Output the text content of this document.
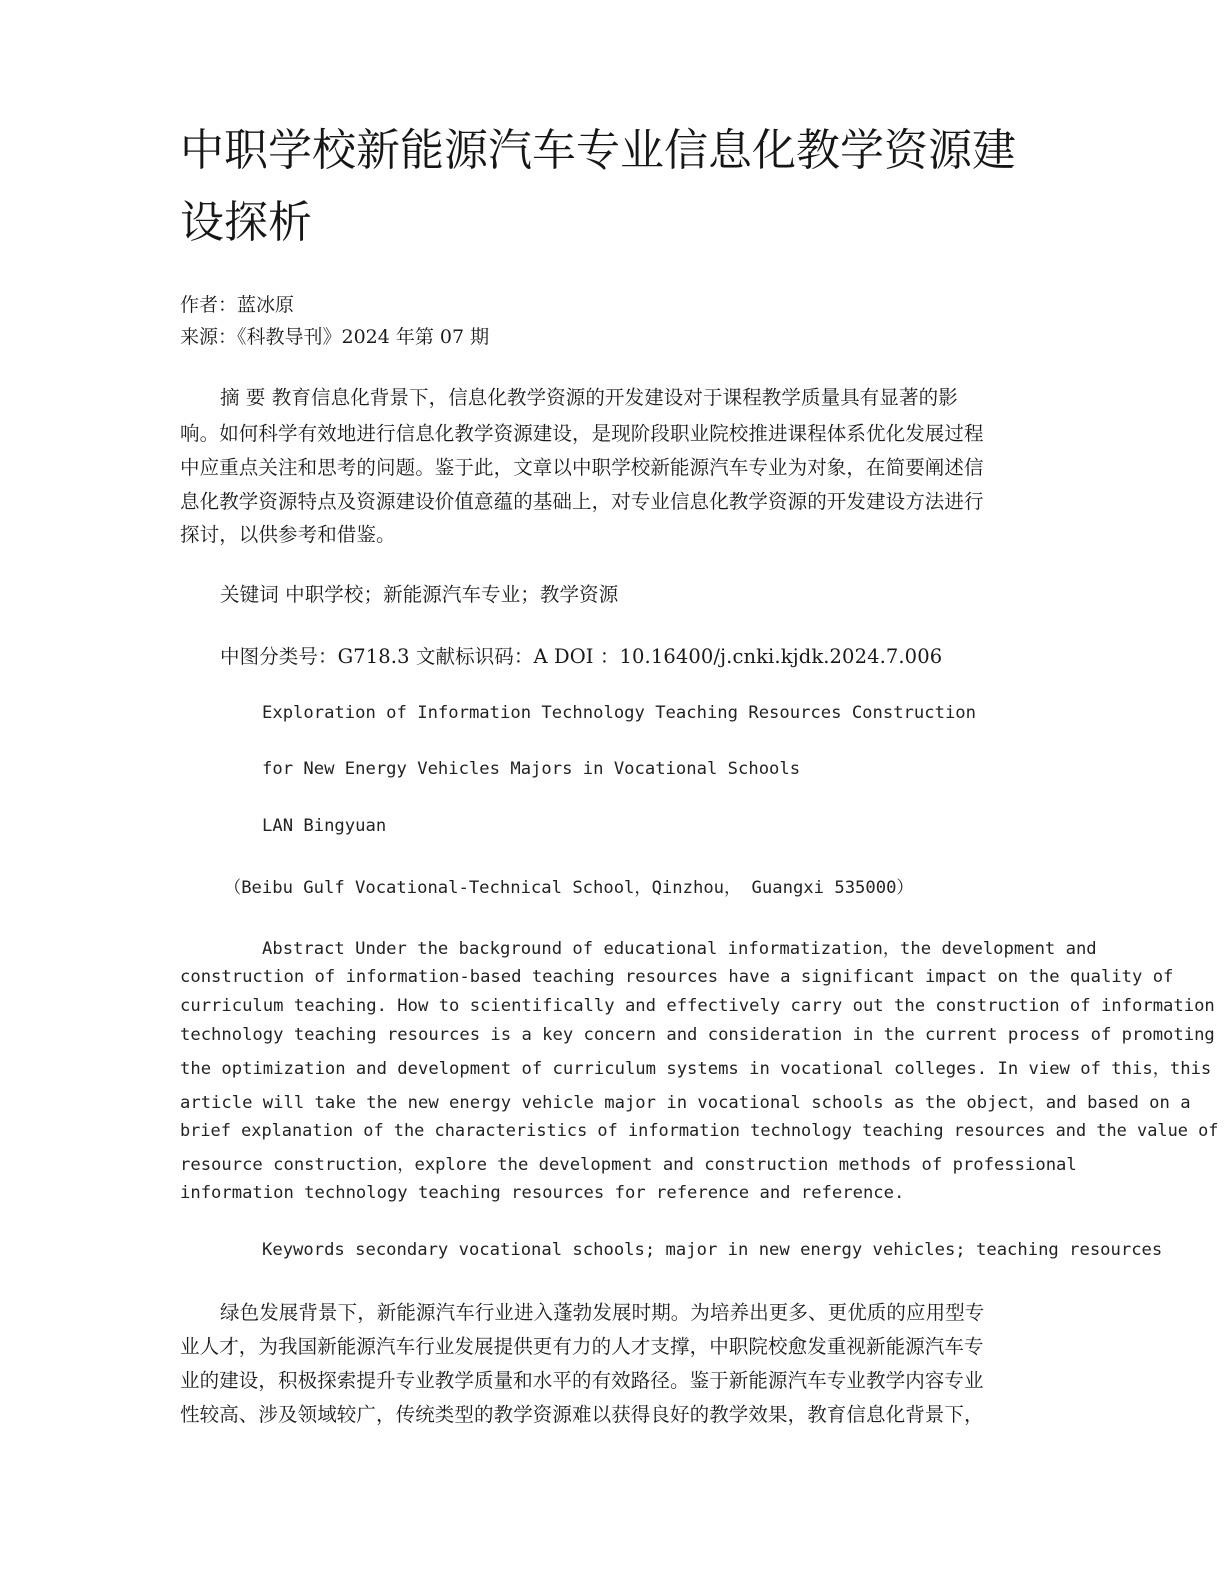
中职学校新能源汽车专业信息化教学资源建
设探析

作者：蓝冰原

来源：《科教导刊》2024 年第 07 期

摘 要 教育信息化背景下，信息化教学资源的开发建设对于课程教学质量具有显著的影

响。如何科学有效地进行信息化教学资源建设，是现阶段职业院校推进课程体系优化发展过程

中应重点关注和思考的问题。鉴于此，文章以中职学校新能源汽车专业为对象，在简要阐述信

息化教学资源特点及资源建设价值意蕴的基础上，对专业信息化教学资源的开发建设方法进行

探讨，以供参考和借鉴。

关键词 中职学校；新能源汽车专业；教学资源

中图分类号：G718.3 文献标识码：A DOI ：10.16400/j.cnki.kjdk.2024.7.006

Exploration of Information Technology Teaching Resources Construction

for New Energy Vehicles Majors in Vocational Schools

LAN Bingyuan

（Beibu Gulf Vocational-Technical School，Qinzhou， Guangxi 535000）

Abstract Under the background of educational informatization，the development and

construction of information-based teaching resources have a significant impact on the quality of

curriculum teaching. How to scientifically and effectively carry out the construction of information

technology teaching resources is a key concern and consideration in the current process of promoting

the optimization and development of curriculum systems in vocational colleges. In view of this，this

article will take the new energy vehicle major in vocational schools as the object，and based on a

brief explanation of the characteristics of information technology teaching resources and the value of

resource construction，explore the development and construction methods of professional

information technology teaching resources for reference and reference.

Keywords secondary vocational schools; major in new energy vehicles; teaching resources

绿色发展背景下，新能源汽车行业进入蓬勃发展时期。为培养出更多、更优质的应用型专

业人才，为我国新能源汽车行业发展提供更有力的人才支撑，中职院校愈发重视新能源汽车专

业的建设，积极探索提升专业教学质量和水平的有效路径。鉴于新能源汽车专业教学内容专业

性较高、涉及领域较广，传统类型的教学资源难以获得良好的教学效果，教育信息化背景下，
